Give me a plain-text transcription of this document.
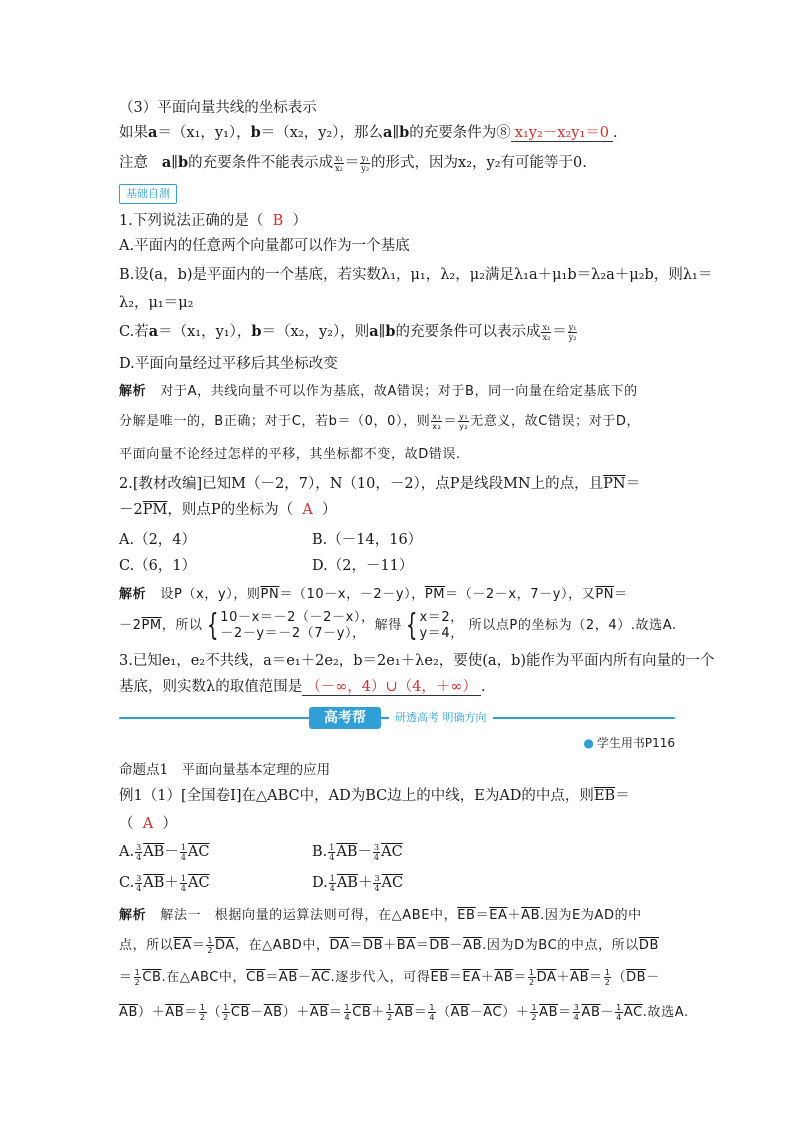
（3）平面向量共线的坐标表示
如果a＝（x₁，y₁），b＝（x₂，y₂），那么a∥b的充要条件为⑧ x₁y₂－x₂y₁＝0 .
注意 a∥b的充要条件不能表示成 $\frac{\text{x₁}}{\text{x₂}} = \frac{\text{y₁}}{\text{y₂}}$ 的形式，因为x₂，y₂有可能等于0.
基础自测
1.下列说法正确的是（ B ）
A.平面内的任意两个向量都可以作为一个基底
B.设(a，b)是平面内的一个基底，若实数λ₁，μ₁，λ₂，μ₂满足λ₁a＋μ₁b＝λ₂a＋μ₂b，则λ₁＝
λ₂，μ₁＝μ₂
C.若a＝（x₁，y₁），b＝（x₂，y₂），则a∥b的充要条件可以表示成 $\frac{\text{x₁}}{\text{x₂}} = \frac{\text{y₁}}{\text{y₂}}$
D.平面向量经过平移后其坐标改变
解析 对于A，共线向量不可以作为基底，故A错误；对于B，同一向量在给定基底下的
分解是唯一的，B正确；对于C，若b＝（0，0），则 $\frac{\text{x₁}}{\text{x₂}} = \frac{\text{y₁}}{\text{y₂}}$ 无意义，故C错误；对于D，
平面向量不论经过怎样的平移，其坐标都不变，故D错误.
2.[教材改编]已知M（－2，7），N（10，－2），点P是线段MN上的点，且$\overline{PN}=$
$-2\overline{PM}$，则点P的坐标为（ A ）
A.（2，4）	B.（－14，16）
C.（6，1）	D.（2，－11）
解析 设P（x，y），则$\overline{PN}=(10-x$，－2－y），$\overline{PM}=(-2-x$，7－y），又$\overline{PN}=$
$-2\overline{PM}$，所以 { 10－x＝－2（－2－x），
－2－y＝－2（7－y）， 解得 { x＝2，
y＝4， 所以点P的坐标为（2，4）.故选A.
3.已知e₁，e₂不共线，a＝e₁＋2e₂，b＝2e₁＋λe₂，要使(a，b)能作为平面内所有向量的一个
基底，则实数λ的取值范围是 （－∞，4）∪（4，＋∞） .
高考帮	研透高考 明确方向
● 学生用书P116
命题点1　平面向量基本定理的应用
例1（1）[全国卷Ⅰ]在△ABC中，AD为BC边上的中线，E为AD的中点，则$\overline{EB}=$
（ A ）
A. $\frac{3}{4} \overline{AB}- \frac{1}{4} \overline{AC}$	B. $\frac{1}{4} \overline{AB}- \frac{3}{4} \overline{AC}$
C. $\frac{3}{4} \overline{AB}+ \frac{1}{4} \overline{AC}$	D. $\frac{1}{4} \overline{AB}+ \frac{3}{4} \overline{AC}$
解析 解法一　根据向量的运算法则可得，在△ABE中，$\overline{EB}=\overline{EA}+\overline{AB}$.因为E为AD的中
点，所以$\overline{EA}= \frac{1}{2} \overline{DA}$，在△ABD中，$\overline{DA}=\overline{DB}+\overline{BA}=\overline{DB}-\overline{AB}$.因为D为BC的中点，所以$\overline{DB}$
＝ $\frac{1}{2} \overline{CB}$.在△ABC中，$\overline{CB}=\overline{AB}-\overline{AC}$.逐步代入，可得$\overline{EB}=\overline{EA}+\overline{AB}= \frac{1}{2} \overline{DA}+\overline{AB}= \frac{1}{2} (\overline{DB}-$
$\overline{AB})+\overline{AB}= \frac{1}{2}$ （ $\frac{1}{2} \overline{CB}-\overline{AB})+\overline{AB}= \frac{1}{4} \overline{CB}+ \frac{1}{2} \overline{AB}= \frac{1}{4} (\overline{AB}-\overline{AC})+ \frac{1}{2} \overline{AB}= \frac{3}{4} \overline{AB}- \frac{1}{4} \overline{AC}$.故选A.
